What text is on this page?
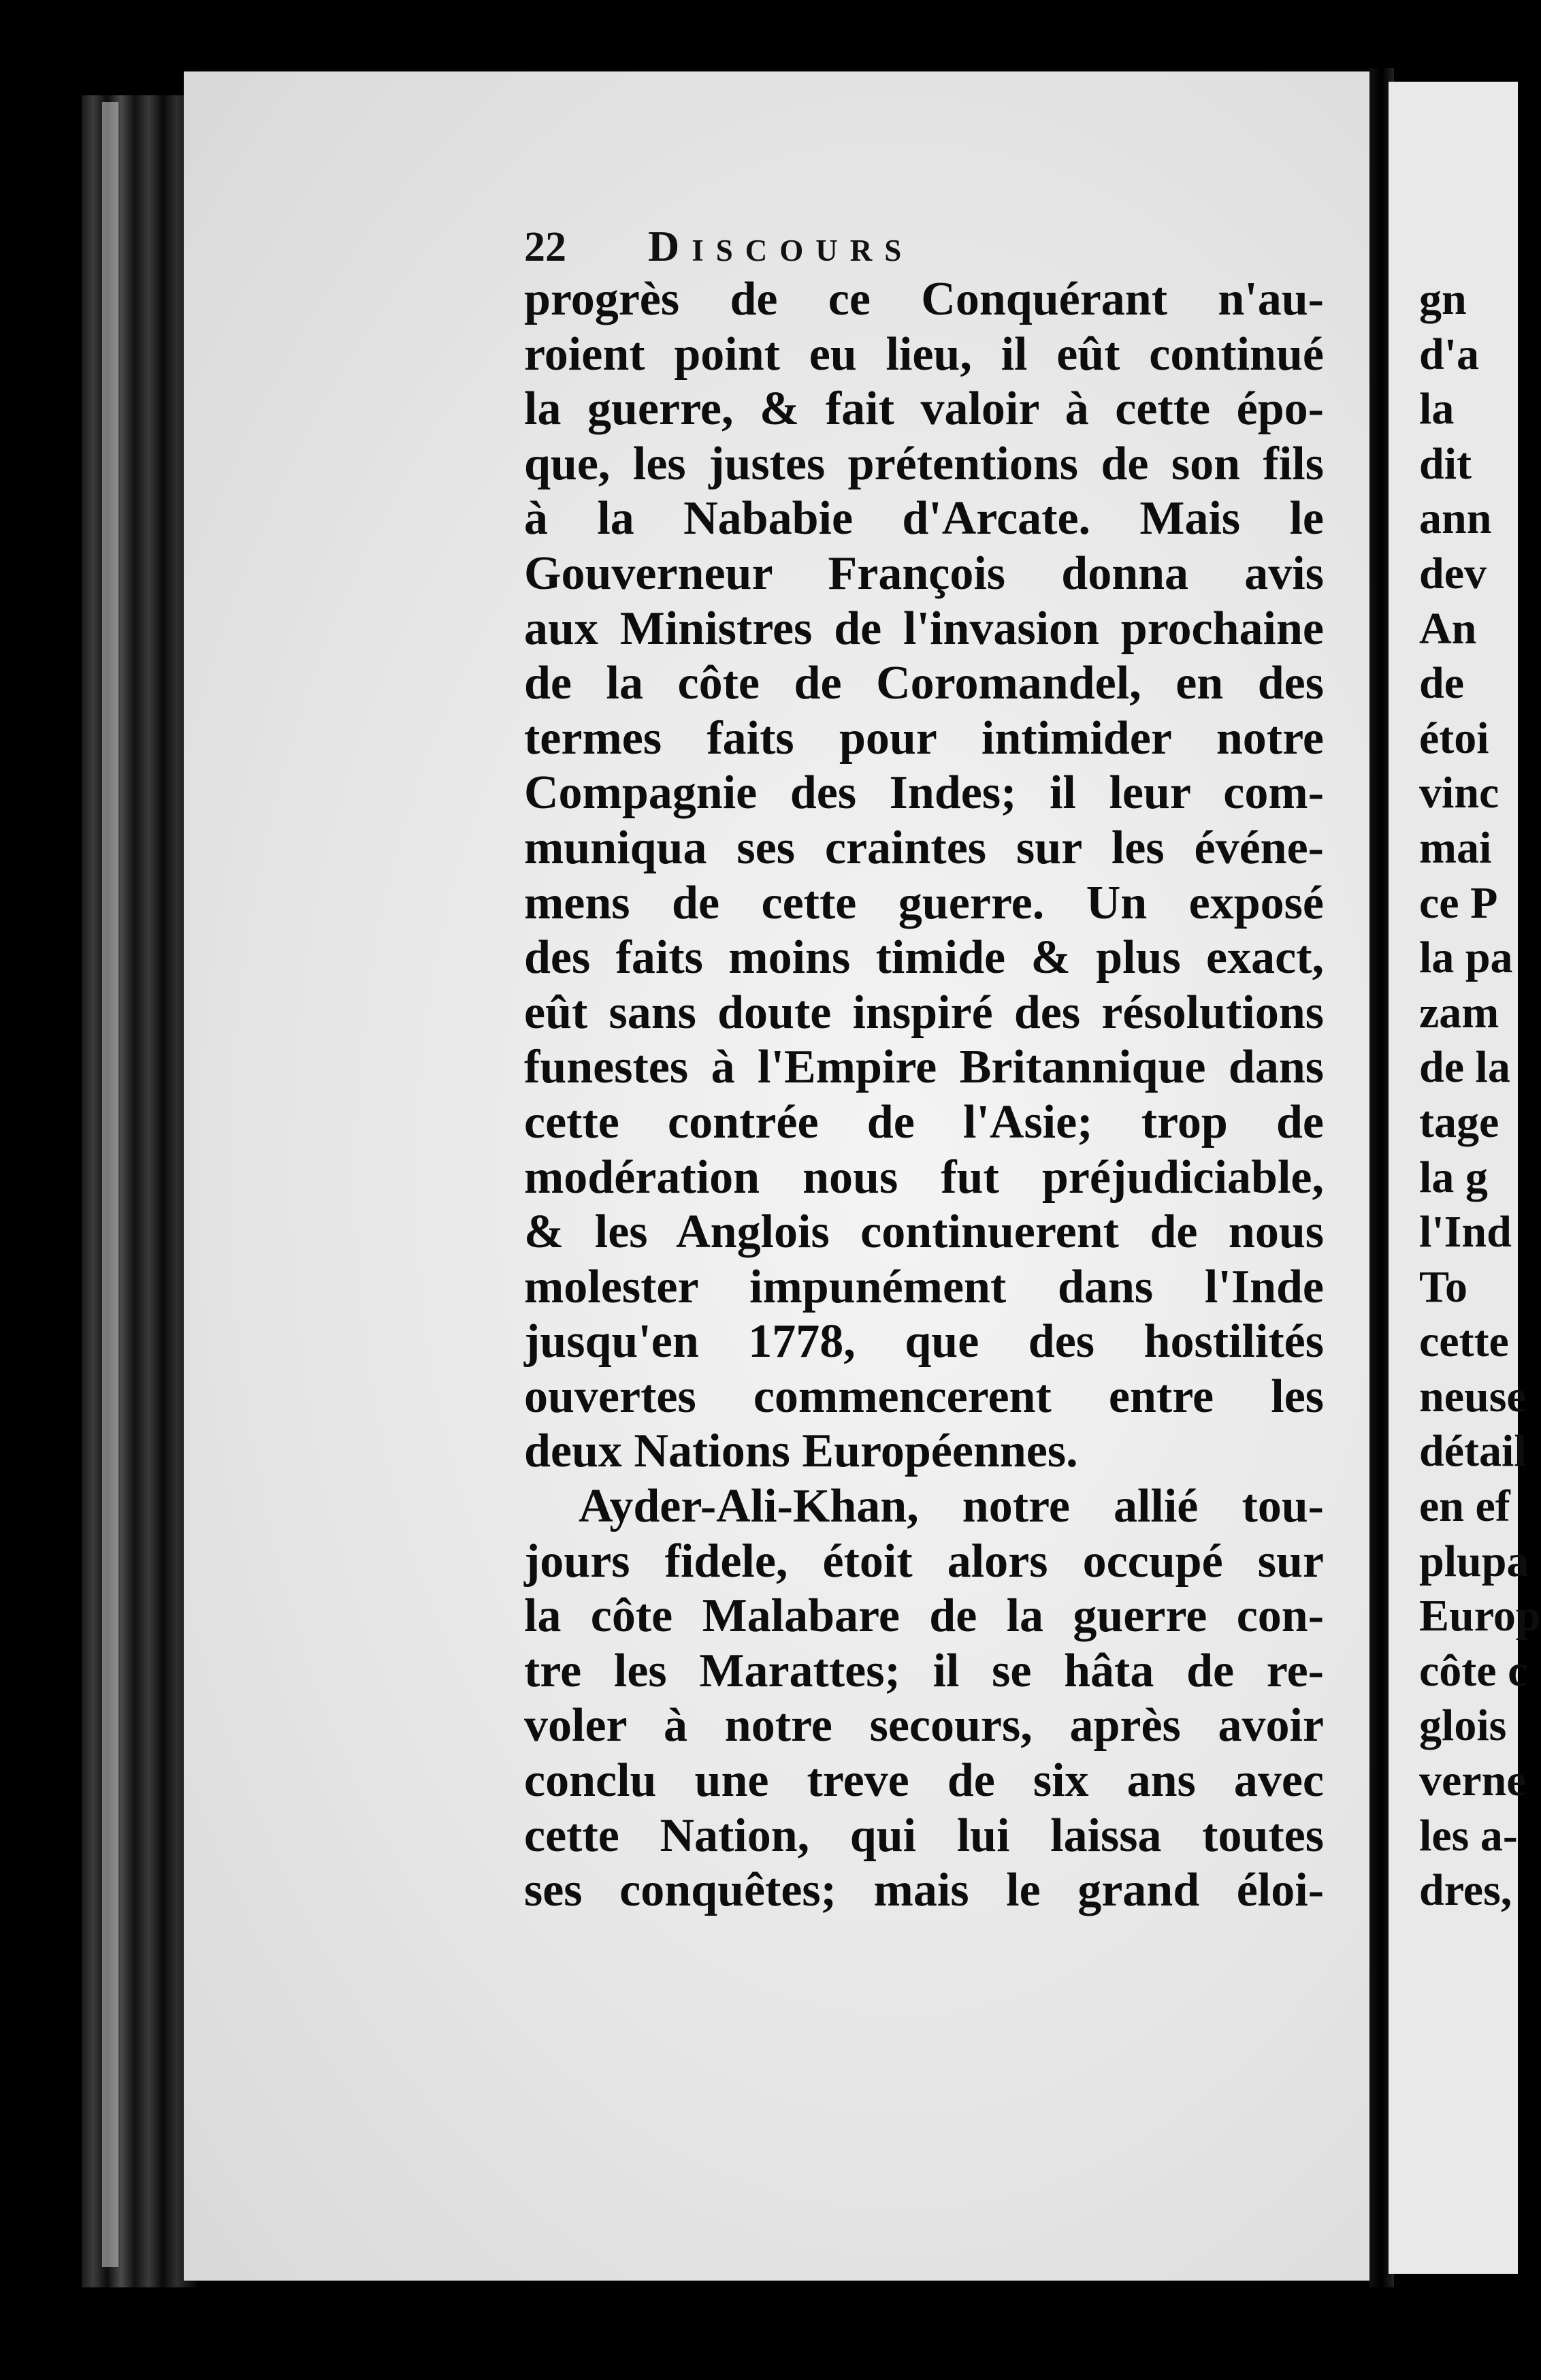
22 Discours
progrès de ce Conquérant n'au-
roient point eu lieu, il eût continué
la guerre, & fait valoir à cette épo-
que, les justes prétentions de son fils
à la Nababie d'Arcate. Mais le
Gouverneur François donna avis
aux Ministres de l'invasion prochaine
de la côte de Coromandel, en des
termes faits pour intimider notre
Compagnie des Indes; il leur com-
muniqua ses craintes sur les événe-
mens de cette guerre. Un exposé
des faits moins timide & plus exact,
eût sans doute inspiré des résolutions
funestes à l'Empire Britannique dans
cette contrée de l'Asie; trop de
modération nous fut préjudiciable,
& les Anglois continuerent de nous
molester impunément dans l'Inde
jusqu'en 1778, que des hostilités
ouvertes commencerent entre les
deux Nations Européennes.
Ayder-Ali-Khan, notre allié tou-
jours fidele, étoit alors occupé sur
la côte Malabare de la guerre con-
tre les Marattes; il se hâta de re-
voler à notre secours, après avoir
conclu une treve de six ans avec
cette Nation, qui lui laissa toutes
ses conquêtes; mais le grand éloi-
gn
d'a
la
dit
ann
dev
An
de
étoi
vinc
mai
ce P
la pa
zam
de la
tage
la g
l'Ind
To
cette
neuse
détail
en ef
plupa
Europ
côte c
glois
verne
les a-
dres,
